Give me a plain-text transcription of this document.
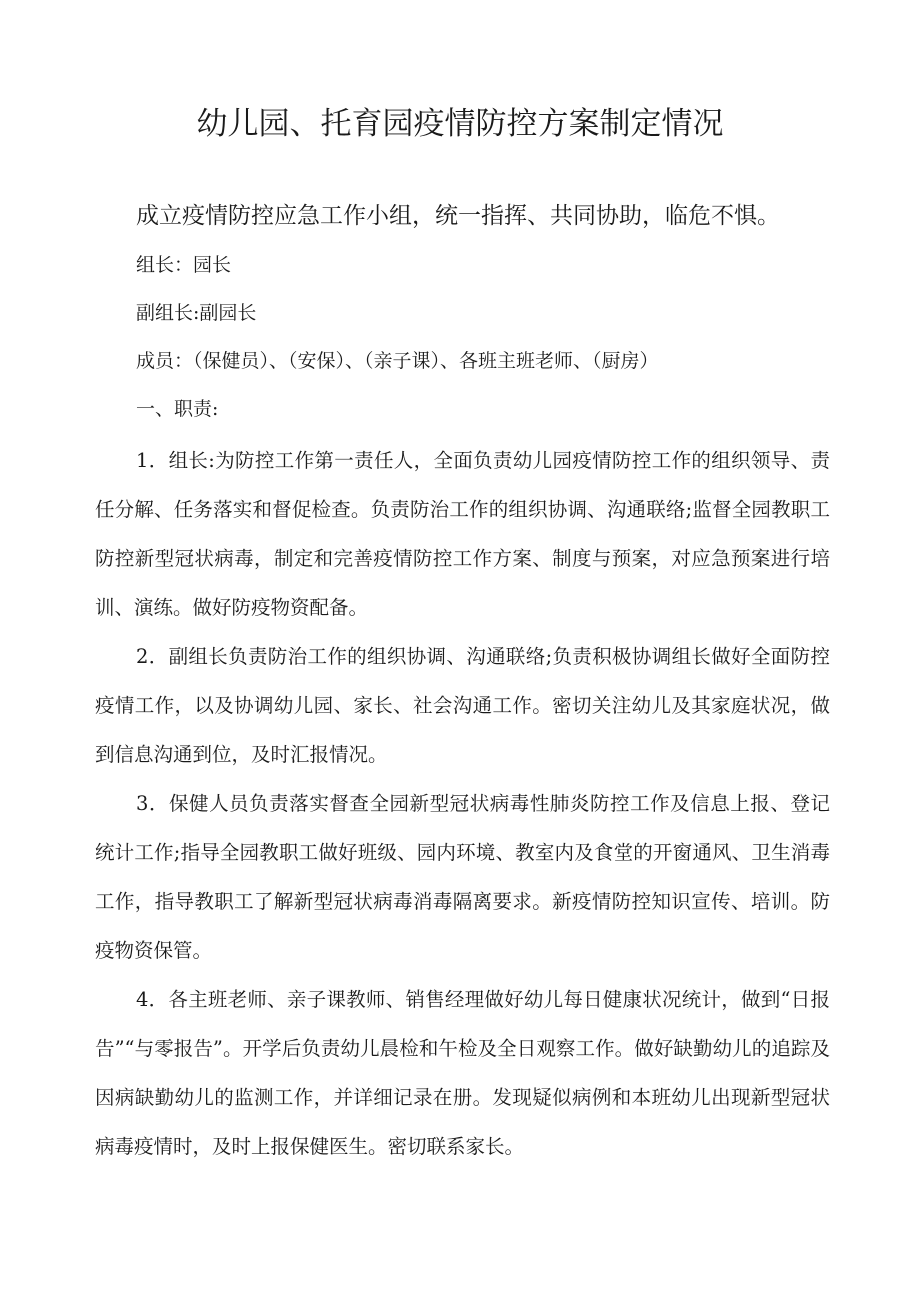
幼儿园、托育园疫情防控方案制定情况

成立疫情防控应急工作小组，统一指挥、共同协助，临危不惧。

组长：园长

副组长:副园长

成员：（保健员）、（安保）、（亲子课）、各班主班老师、（厨房）

一、职责:

1．组长:为防控工作第一责任人，全面负责幼儿园疫情防控工作的组织领导、责任分解、任务落实和督促检查。负责防治工作的组织协调、沟通联络;监督全园教职工防控新型冠状病毒，制定和完善疫情防控工作方案、制度与预案，对应急预案进行培训、演练。做好防疫物资配备。

2．副组长负责防治工作的组织协调、沟通联络;负责积极协调组长做好全面防控疫情工作，以及协调幼儿园、家长、社会沟通工作。密切关注幼儿及其家庭状况，做到信息沟通到位，及时汇报情况。

3．保健人员负责落实督查全园新型冠状病毒性肺炎防控工作及信息上报、登记统计工作;指导全园教职工做好班级、园内环境、教室内及食堂的开窗通风、卫生消毒工作，指导教职工了解新型冠状病毒消毒隔离要求。新疫情防控知识宣传、培训。防疫物资保管。

4．各主班老师、亲子课教师、销售经理做好幼儿每日健康状况统计，做到“日报告”“与零报告”。开学后负责幼儿晨检和午检及全日观察工作。做好缺勤幼儿的追踪及因病缺勤幼儿的监测工作，并详细记录在册。发现疑似病例和本班幼儿出现新型冠状病毒疫情时，及时上报保健医生。密切联系家长。
